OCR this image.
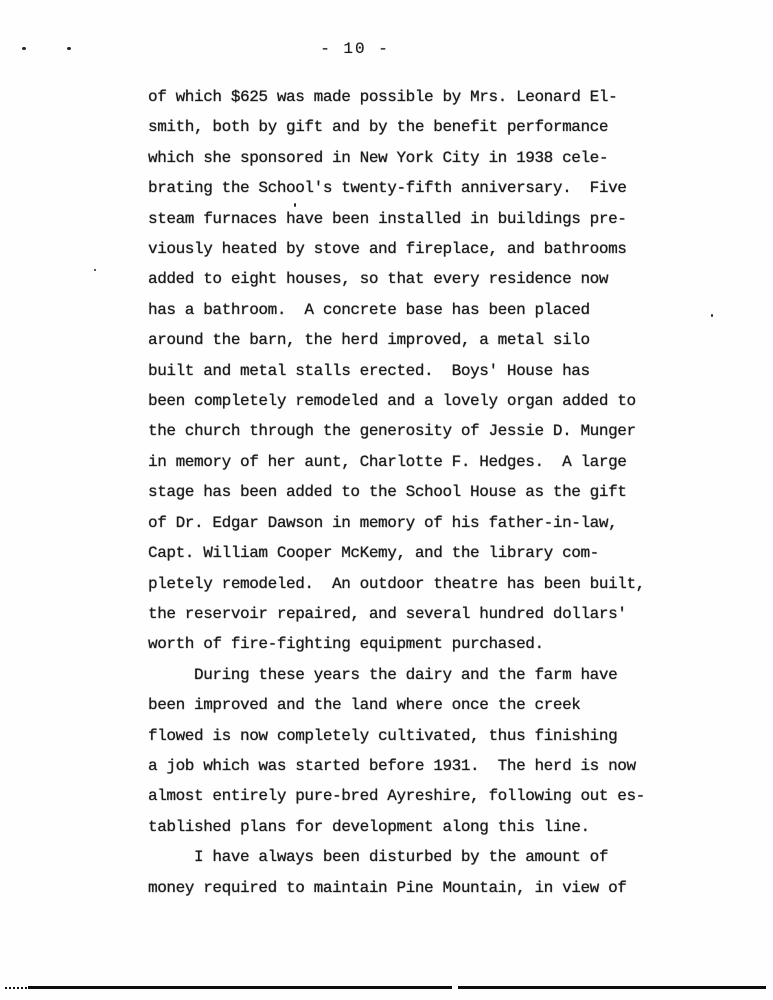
- 10 -
of which $625 was made possible by Mrs. Leonard El-
smith, both by gift and by the benefit performance
which she sponsored in New York City in 1938 cele-
brating the School's twenty-fifth anniversary.  Five
steam furnaces have been installed in buildings pre-
viously heated by stove and fireplace, and bathrooms
added to eight houses, so that every residence now
has a bathroom.  A concrete base has been placed
around the barn, the herd improved, a metal silo
built and metal stalls erected.  Boys' House has
been completely remodeled and a lovely organ added to
the church through the generosity of Jessie D. Munger
in memory of her aunt, Charlotte F. Hedges.  A large
stage has been added to the School House as the gift
of Dr. Edgar Dawson in memory of his father-in-law,
Capt. William Cooper McKemy, and the library com-
pletely remodeled.  An outdoor theatre has been built,
the reservoir repaired, and several hundred dollars'
worth of fire-fighting equipment purchased.
During these years the dairy and the farm have
been improved and the land where once the creek
flowed is now completely cultivated, thus finishing
a job which was started before 1931.  The herd is now
almost entirely pure-bred Ayreshire, following out es-
tablished plans for development along this line.
I have always been disturbed by the amount of
money required to maintain Pine Mountain, in view of
